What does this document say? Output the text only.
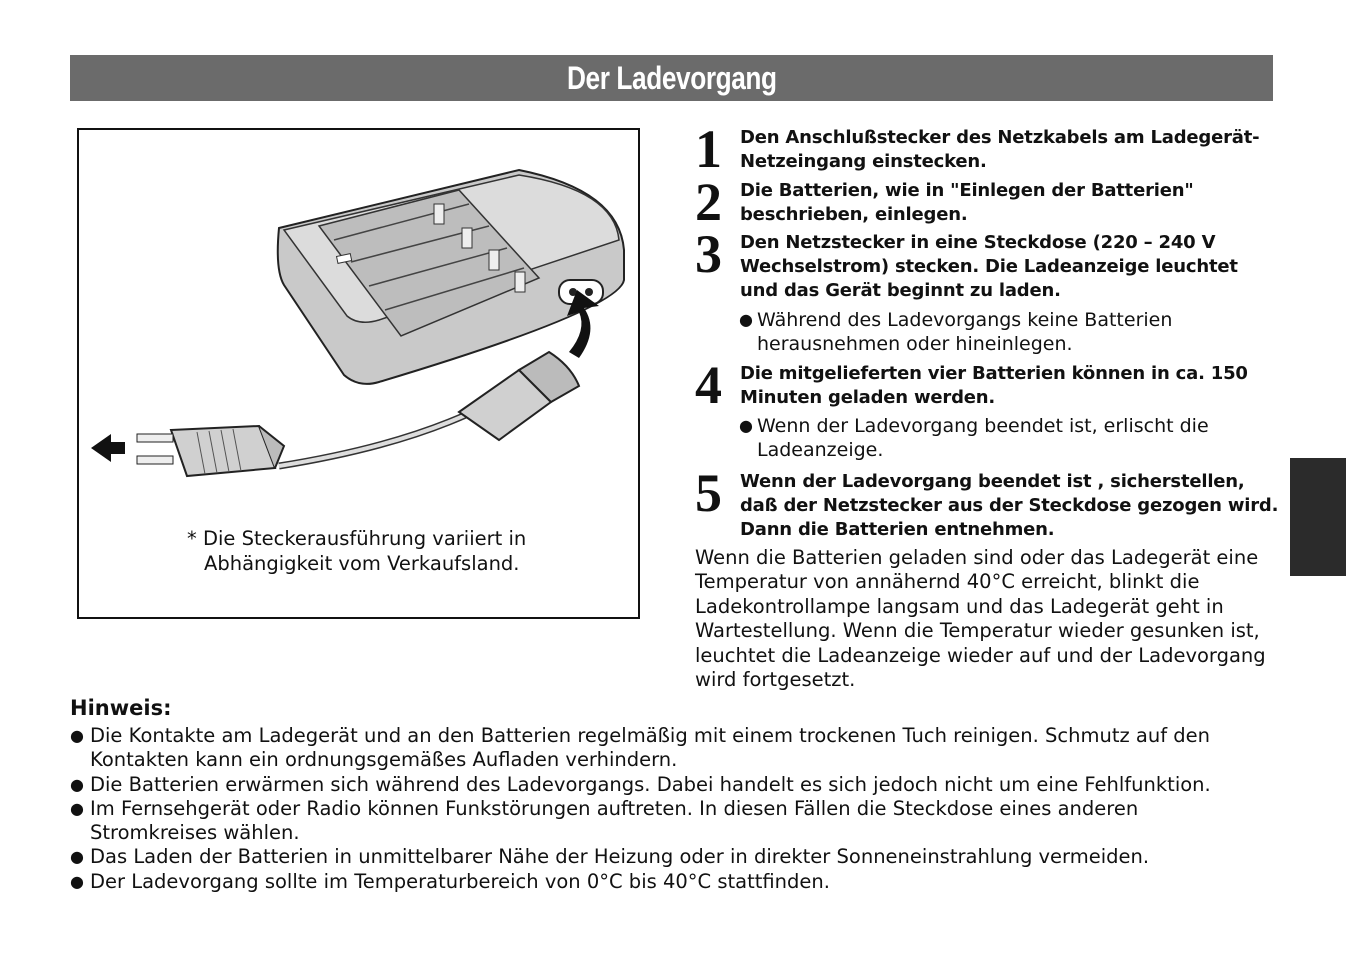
Der Ladevorgang
* Die Steckerausführung variiert in
Abhängigkeit vom Verkaufsland.
1 Den Anschlußstecker des Netzkabels am Ladegerät-Netzeingang einstecken.
2 Die Batterien, wie in "Einlegen der Batterien" beschrieben, einlegen.
3 Den Netzstecker in eine Steckdose (220 – 240 V Wechselstrom) stecken. Die Ladeanzeige leuchtet und das Gerät beginnt zu laden.
● Während des Ladevorgangs keine Batterien herausnehmen oder hineinlegen.
4 Die mitgelieferten vier Batterien können in ca. 150 Minuten geladen werden.
● Wenn der Ladevorgang beendet ist, erlischt die Ladeanzeige.
5 Wenn der Ladevorgang beendet ist , sicherstellen, daß der Netzstecker aus der Steckdose gezogen wird. Dann die Batterien entnehmen.
Wenn die Batterien geladen sind oder das Ladegerät eine Temperatur von annähernd 40°C erreicht, blinkt die Ladekontrollampe langsam und das Ladegerät geht in Wartestellung. Wenn die Temperatur wieder gesunken ist, leuchtet die Ladeanzeige wieder auf und der Ladevorgang wird fortgesetzt.
Hinweis:
● Die Kontakte am Ladegerät und an den Batterien regelmäßig mit einem trockenen Tuch reinigen. Schmutz auf den Kontakten kann ein ordnungsgemäßes Aufladen verhindern.
● Die Batterien erwärmen sich während des Ladevorgangs. Dabei handelt es sich jedoch nicht um eine Fehlfunktion.
● Im Fernsehgerät oder Radio können Funkstörungen auftreten. In diesen Fällen die Steckdose eines anderen Stromkreises wählen.
● Das Laden der Batterien in unmittelbarer Nähe der Heizung oder in direkter Sonneneinstrahlung vermeiden.
● Der Ladevorgang sollte im Temperaturbereich von 0°C bis 40°C stattfinden.
